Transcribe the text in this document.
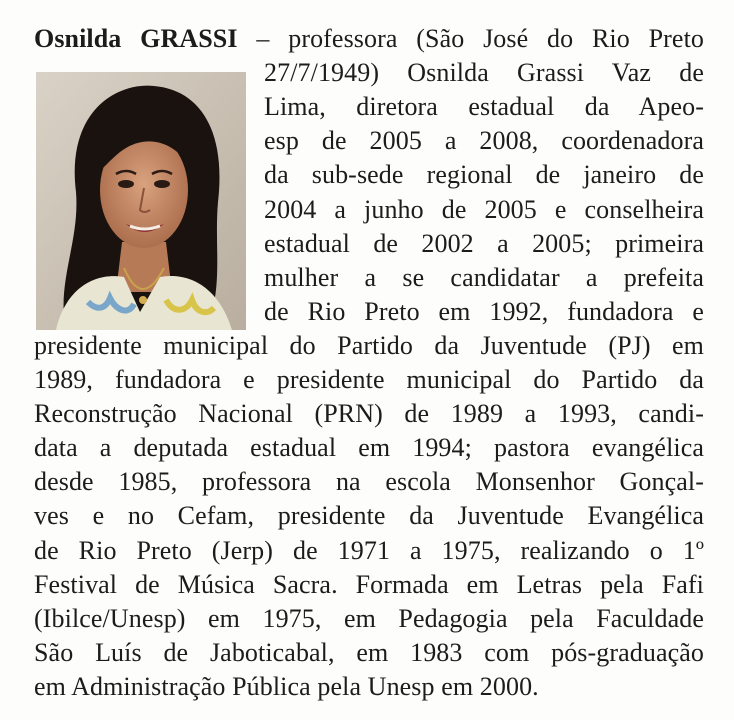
Osnilda GRASSI – professora (São José do Rio Preto
27/7/1949) Osnilda Grassi Vaz de
Lima, diretora estadual da Apeo-
esp de 2005 a 2008, coordenadora
da sub-sede regional de janeiro de
2004 a junho de 2005 e conselheira
estadual de 2002 a 2005; primeira
mulher a se candidatar a prefeita
de Rio Preto em 1992, fundadora e
presidente municipal do Partido da Juventude (PJ) em
1989, fundadora e presidente municipal do Partido da
Reconstrução Nacional (PRN) de 1989 a 1993, candi-
data a deputada estadual em 1994; pastora evangélica
desde 1985, professora na escola Monsenhor Gonçal-
ves e no Cefam, presidente da Juventude Evangélica
de Rio Preto (Jerp) de 1971 a 1975, realizando o 1º
Festival de Música Sacra. Formada em Letras pela Fafi
(Ibilce/Unesp) em 1975, em Pedagogia pela Faculdade
São Luís de Jaboticabal, em 1983 com pós-graduação
em Administração Pública pela Unesp em 2000.
